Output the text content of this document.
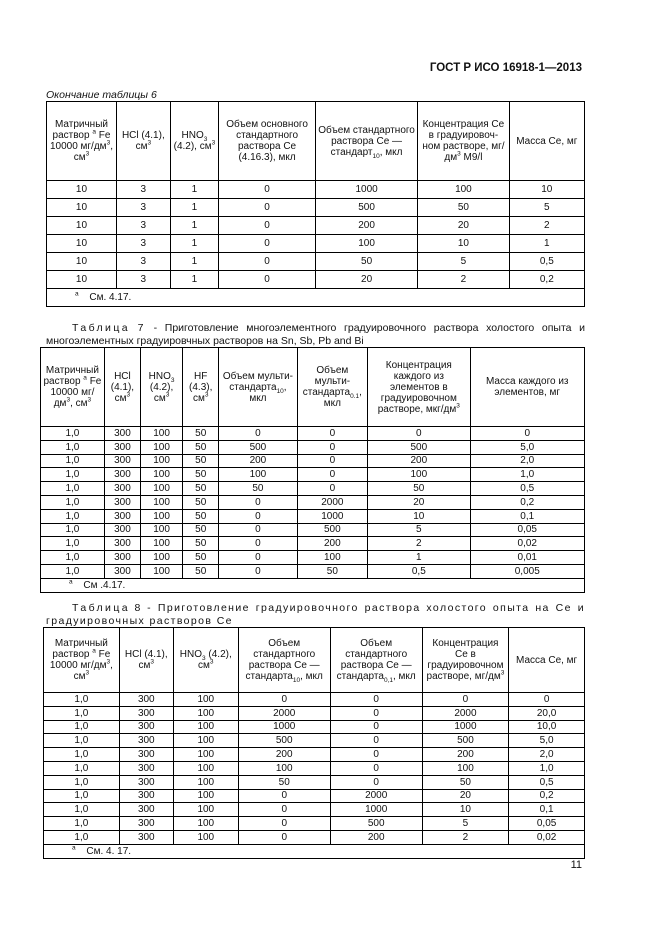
ГОСТ Р ИСО 16918-1—2013
Окончание таблицы 6
Матричный раствор $^a$ Fe 10000 $мг/дм^3$, $см^3$	HCl (4.1), $см^3$	$HNO_3$ (4.2), $см^3$	Объем основного стандартного раствора Се (4.16.3), мкл	Объем стандартного раствора Се — стандарт$_{10}$, мкл	Концентрация Се в градуировоч-ном растворе, $мг/дм^3$ M9/l	Масса Се, мг
10	3	1	0	1000	100	10
10	3	1	0	500	50	5
10	3	1	0	200	20	2
10	3	1	0	100	10	1
10	3	1	0	50	5	0,5
10	3	1	0	20	2	0,2
$^a$ См. 4.17.						
Таблица 7 - Приготовление многоэлементного градуировочного раствора холостого опыта и многоэлементных градуировчных растворов на Sn, Sb, Pb and Bi
Матричный раствор $^a$ Fe 10000 $мг/дм^3$, $см^3$	HCl (4.1), $см^3$	$HNO_3$ (4.2), $см^3$	HF (4.3), $см^3$	Объем мульти-стандарта$_{10}$, мкл	Объем мульти-стандарта$_{0.1}$, мкл	Концентрация каждого из элементов в градуировочном растворе, мкг/$дм^3$	Масса каждого из элементов, мг
1,0	300	100	50	0	0	0	0
1,0	300	100	50	500	0	500	5,0
1,0	300	100	50	200	0	200	2,0
1,0	300	100	50	100	0	100	1,0
1,0	300	100	50	50	0	50	0,5
1,0	300	100	50	0	2000	20	0,2
1,0	300	100	50	0	1000	10	0,1
1,0	300	100	50	0	500	5	0,05
1,0	300	100	50	0	200	2	0,02
1,0	300	100	50	0	100	1	0,01
1,0	300	100	50	0	50	0,5	0,005
$^a$ См .4.17.							
Таблица 8 - Приготовление градуировочного раствора холостого опыта на Се и градуировочных растворов Се
Матричный раствор $^a$ Fe 10000 $мг/дм^3$, $см^3$	HCl (4.1), $см^3$	$HNO_3$ (4.2), $см^3$	Объем стандартного раствора Се — стандарта$_{10}$, мкл	Объем стандартного раствора Се — стандарта$_{0,1}$, мкл	Концентрация Се в градуировочном растворе, $мг/дм^3$	Масса Се, мг
1,0	300	100	0	0	0	0
1,0	300	100	2000	0	2000	20,0
1,0	300	100	1000	0	1000	10,0
1,0	300	100	500	0	500	5,0
1,0	300	100	200	0	200	2,0
1,0	300	100	100	0	100	1,0
1,0	300	100	50	0	50	0,5
1,0	300	100	0	2000	20	0,2
1,0	300	100	0	1000	10	0,1
1,0	300	100	0	500	5	0,05
1,0	300	100	0	200	2	0,02
$^a$ См. 4. 17.						
11
